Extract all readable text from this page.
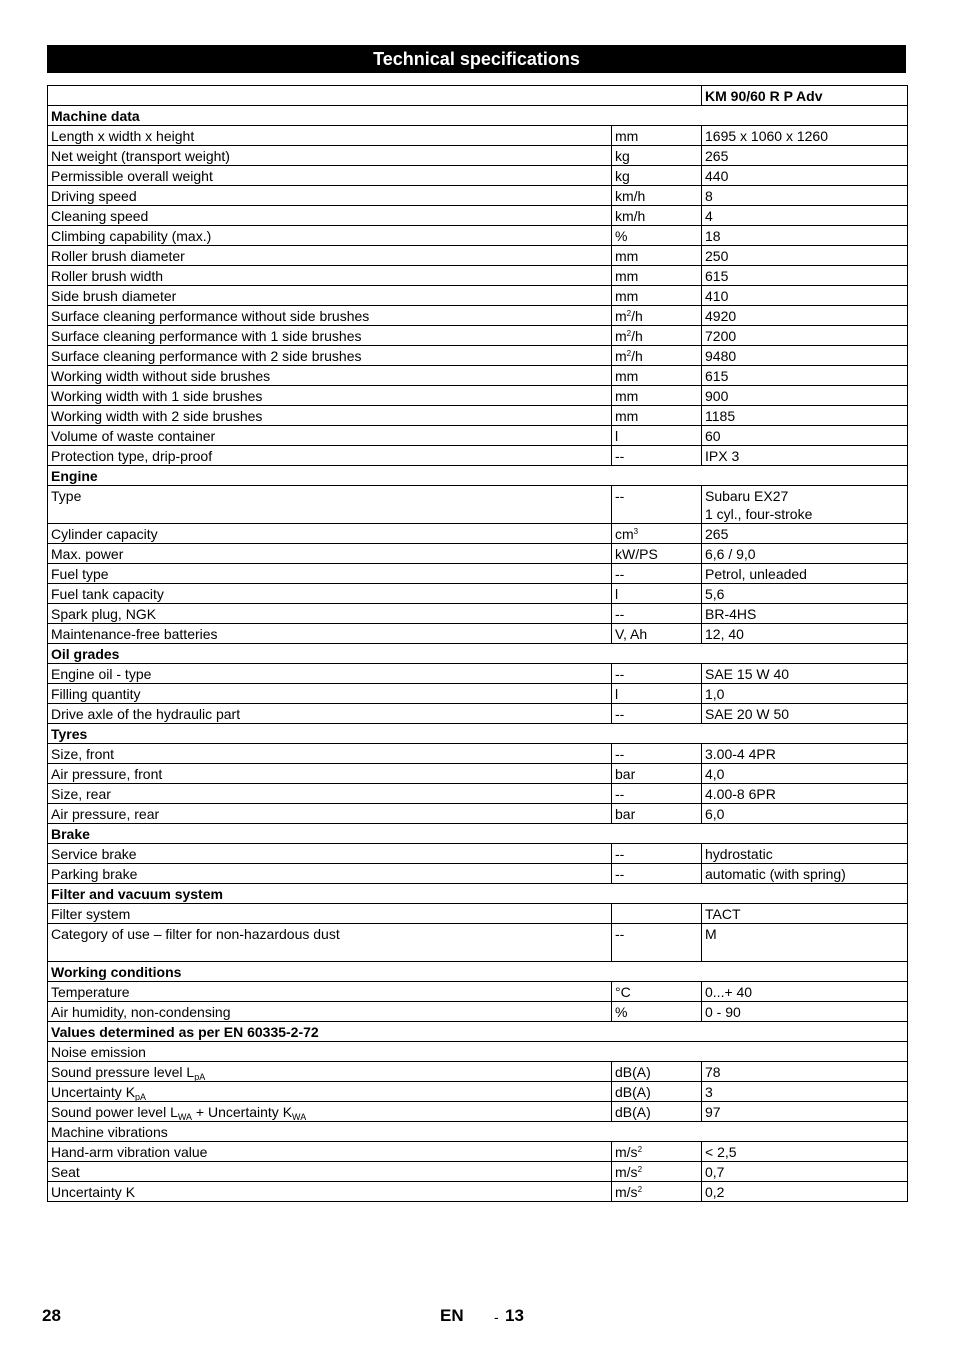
Technical specifications
		KM 90/60 R P Adv
Machine data		
Length x width x height	mm	1695 x 1060 x 1260

Net weight (transport weight)	kg	265

Permissible overall weight	kg	440

Driving speed	km/h	8

Cleaning speed	km/h	4

Climbing capability (max.)	%	18

Roller brush diameter	mm	250

Roller brush width	mm	615

Side brush diameter	mm	410

Surface cleaning performance without side brushes	$m^2/h$	4920

Surface cleaning performance with 1 side brushes	$m^2/h$	7200

Surface cleaning performance with 2 side brushes	$m^2/h$	9480

Working width without side brushes	mm	615

Working width with 1 side brushes	mm	900

Working width with 2 side brushes	mm	1185

Volume of waste container	l	60

Protection type, drip-proof	--	IPX 3

Engine		
Type	--	Subaru EX27
1 cyl., four-stroke

Cylinder capacity	$cm^3$	265

Max. power	kW/PS	6,6 / 9,0

Fuel type	--	Petrol, unleaded

Fuel tank capacity	l	5,6

Spark plug, NGK	--	BR-4HS

Maintenance-free batteries	V, Ah	12, 40

Oil grades		
Engine oil - type	--	SAE 15 W 40

Filling quantity	l	1,0

Drive axle of the hydraulic part	--	SAE 20 W 50

Tyres		
Size, front	--	3.00-4 4PR

Air pressure, front	bar	4,0

Size, rear	--	4.00-8 6PR

Air pressure, rear	bar	6,0

Brake		
Service brake	--	hydrostatic

Parking brake	--	automatic (with spring)

Filter and vacuum system		
Filter system		TACT

Category of use – filter for non-hazardous dust	--	M

Working conditions		
Temperature	°C	0...+ 40

Air humidity, non-condensing	%	0 - 90

Values determined as per EN 60335-2-72		
Noise emission		
Sound pressure level $L_{pA}$	dB(A)	78

Uncertainty $K_{pA}$	dB(A)	3

Sound power level $L_{WA}$ + Uncertainty $K_{WA}$	dB(A)	97

Machine vibrations		
Hand-arm vibration value	$m/s^2$	< 2,5

Seat	$m/s^2$	0,7

Uncertainty K	$m/s^2$	0,2
28	EN - 13
